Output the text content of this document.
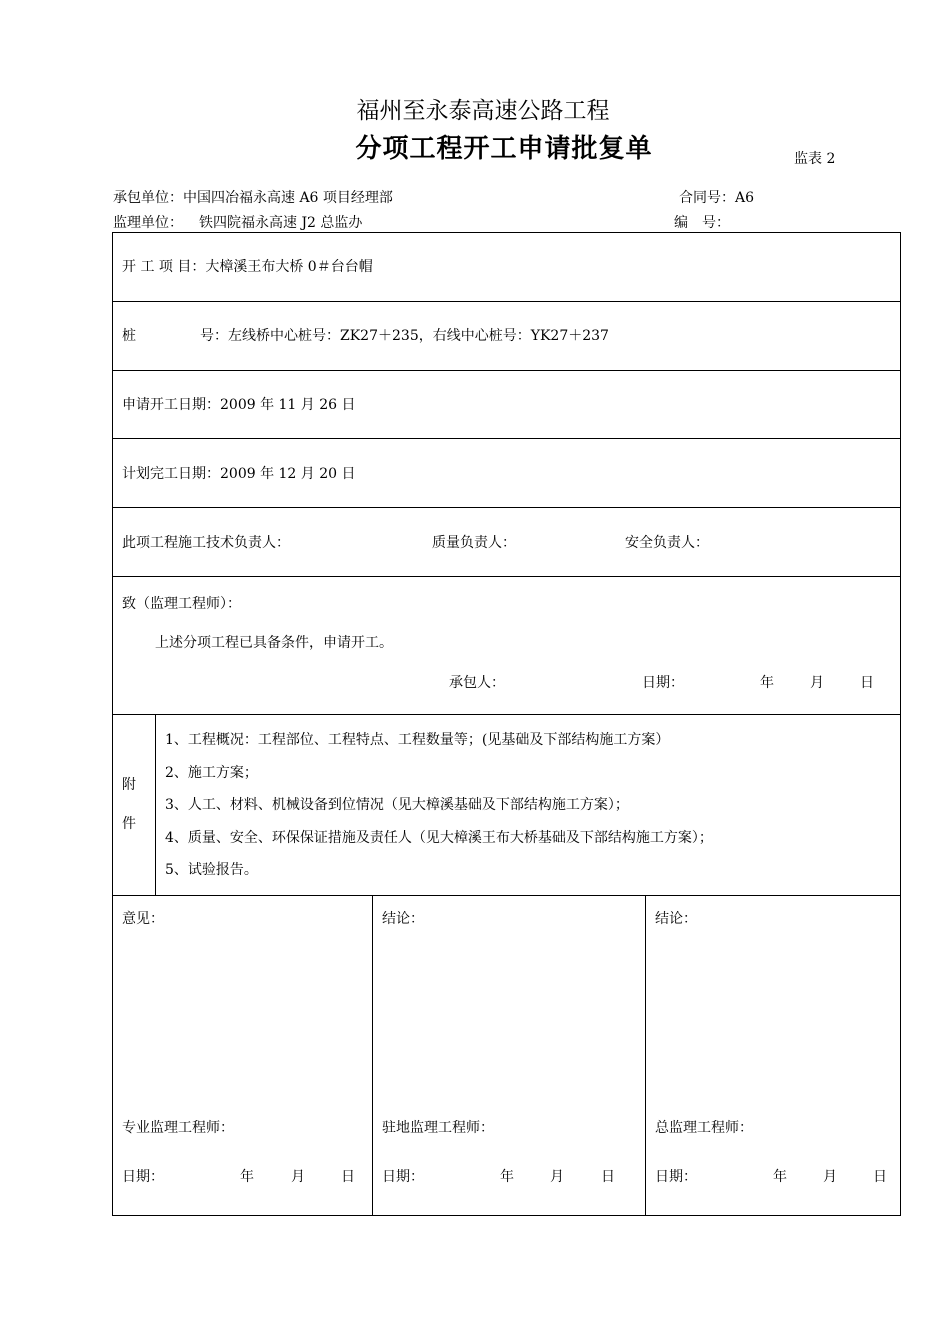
福州至永泰高速公路工程
分项工程开工申请批复单	监表 2
承包单位：中国四冶福永高速 A6 项目经理部	合同号：A6
监理单位： 铁四院福永高速 J2 总监办	编　号：
开 工 项 目：大樟溪王布大桥 0＃台台帽
桩	号：左线桥中心桩号：ZK27＋235，右线中心桩号：YK27＋237
申请开工日期：2009 年 11 月 26 日
计划完工日期：2009 年 12 月 20 日
此项工程施工技术负责人：	质量负责人：	安全负责人：
致（监理工程师）：
上述分项工程已具备条件，申请开工。
承包人：	日期：	年	月	日
附
件
1、工程概况：工程部位、工程特点、工程数量等；(见基础及下部结构施工方案）
2、施工方案；
3、人工、材料、机械设备到位情况（见大樟溪基础及下部结构施工方案）；
4、质量、安全、环保保证措施及责任人（见大樟溪王布大桥基础及下部结构施工方案）；
5、试验报告。
意见：	结论：	结论：
专业监理工程师：	驻地监理工程师：	总监理工程师：
日期：	年	月	日 日期：	年	月	日	日期：	年	月	日
